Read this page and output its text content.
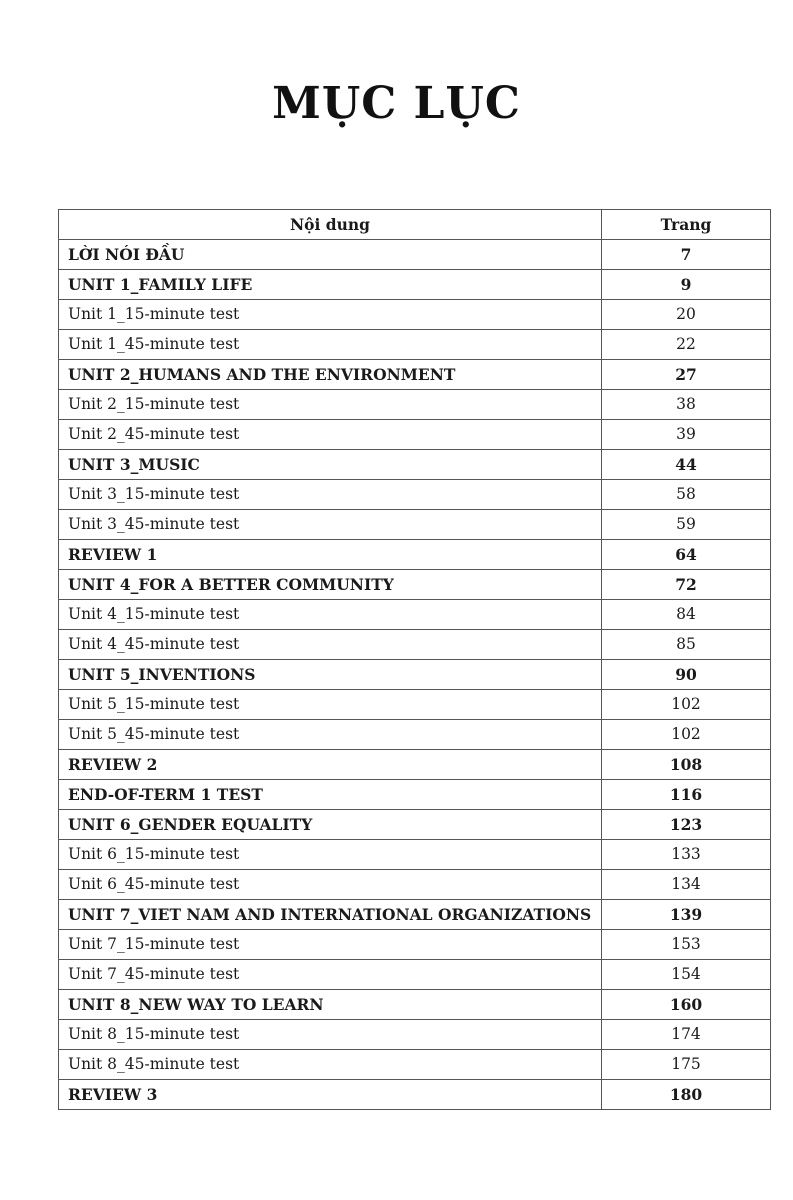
MỤC LỤC
Nội dung	Trang
LỜI NÓI ĐẦU	7
UNIT 1_FAMILY LIFE	9
Unit 1_15-minute test	20
Unit 1_45-minute test	22
UNIT 2_HUMANS AND THE ENVIRONMENT	27
Unit 2_15-minute test	38
Unit 2_45-minute test	39
UNIT 3_MUSIC	44
Unit 3_15-minute test	58
Unit 3_45-minute test	59
REVIEW 1	64
UNIT 4_FOR A BETTER COMMUNITY	72
Unit 4_15-minute test	84
Unit 4_45-minute test	85
UNIT 5_INVENTIONS	90
Unit 5_15-minute test	102
Unit 5_45-minute test	102
REVIEW 2	108
END-OF-TERM 1 TEST	116
UNIT 6_GENDER EQUALITY	123
Unit 6_15-minute test	133
Unit 6_45-minute test	134
UNIT 7_VIET NAM AND INTERNATIONAL ORGANIZATIONS	139
Unit 7_15-minute test	153
Unit 7_45-minute test	154
UNIT 8_NEW WAY TO LEARN	160
Unit 8_15-minute test	174
Unit 8_45-minute test	175
REVIEW 3	180
